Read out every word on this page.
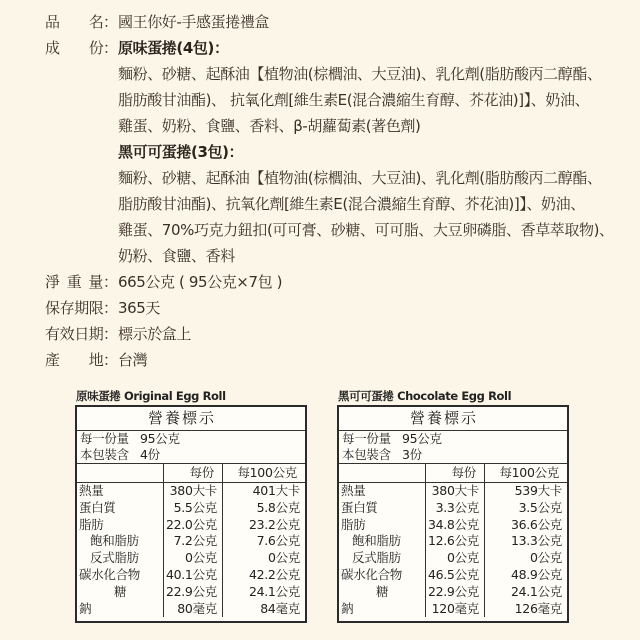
品　　名：國王你好-手感蛋捲禮盒
成　　份：原味蛋捲(4包)：
麵粉、砂糖、起酥油【植物油(棕櫚油、大豆油)、乳化劑(脂肪酸丙二醇酯、
脂肪酸甘油酯)、 抗氧化劑[維生素E(混合濃縮生育醇、芥花油)]】、奶油、
雞蛋、奶粉、食鹽、香料、β-胡蘿蔔素(著色劑)
黑可可蛋捲(3包)：
麵粉、砂糖、起酥油【植物油(棕櫚油、大豆油)、乳化劑(脂肪酸丙二醇酯、
脂肪酸甘油酯)、抗氧化劑[維生素E(混合濃縮生育醇、芥花油)]】、奶油、
雞蛋、70%巧克力鈕扣(可可膏、砂糖、可可脂、大豆卵磷脂、香草萃取物)、
奶粉、食鹽、香料
淨 重 量：665公克 ( 95公克×7包 )
保存期限：365天
有效日期：標示於盒上
產　　地：台灣
原味蛋捲 Original Egg Roll
營養標示
每一份量 95公克
本包裝含 4份
每份	每100公克
熱量	380大卡	401大卡
蛋白質	5.5公克	5.8公克
脂肪	22.0公克	23.2公克
飽和脂肪	7.2公克	7.6公克
反式脂肪	0公克	0公克
碳水化合物	40.1公克	42.2公克
糖	22.9公克	24.1公克
鈉	80毫克	84毫克
黑可可蛋捲 Chocolate Egg Roll
營養標示
每一份量 95公克
本包裝含 3份
每份	每100公克
熱量	380大卡	539大卡
蛋白質	3.3公克	3.5公克
脂肪	34.8公克	36.6公克
飽和脂肪	12.6公克	13.3公克
反式脂肪	0公克	0公克
碳水化合物	46.5公克	48.9公克
糖	22.9公克	24.1公克
鈉	120毫克	126毫克
